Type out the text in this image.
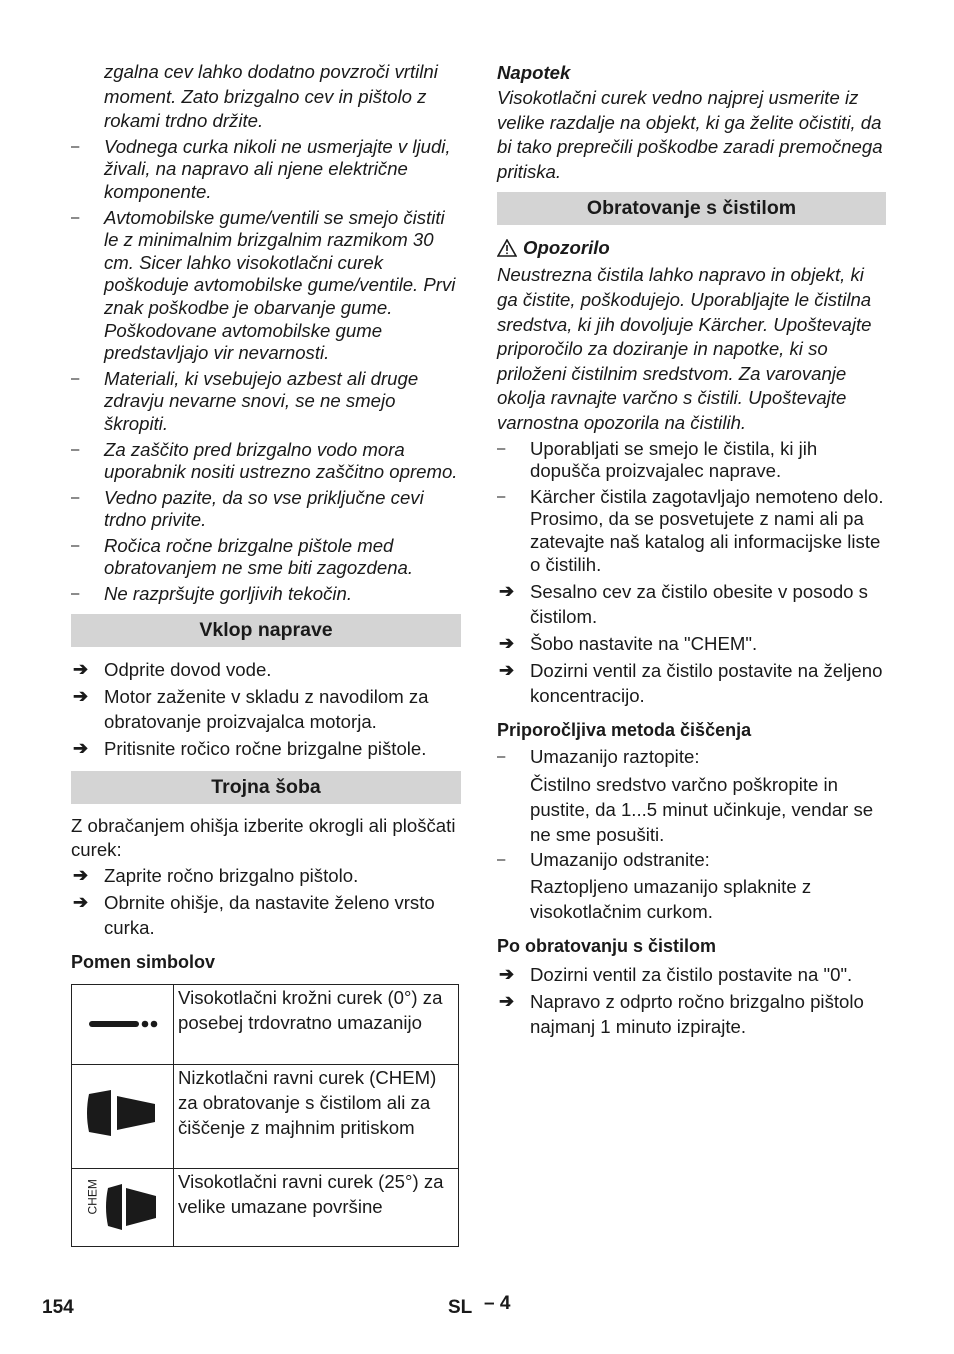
zgalna cev lahko dodatno povzroči vrtilni moment. Zato brizgalno cev in pištolo z rokami trdno držite.

– Vodnega curka nikoli ne usmerjajte v ljudi, živali, na napravo ali njene električne komponente.
– Avtomobilske gume/ventili se smejo čistiti le z minimalnim brizgalnim razmikom 30 cm. Sicer lahko visokotlačni curek poškoduje avtomobilske gume/ventile. Prvi znak poškodbe je obarvanje gume. Poškodovane avtomobilske gume predstavljajo vir nevarnosti.
– Materiali, ki vsebujejo azbest ali druge zdravju nevarne snovi, se ne smejo škropiti.
– Za zaščito pred brizgalno vodo mora uporabnik nositi ustrezno zaščitno opremo.
– Vedno pazite, da so vse priključne cevi trdno privite.
– Ročica ročne brizgalne pištole med obratovanjem ne sme biti zagozdena.
– Ne razpršujte gorljivih tekočin.
Vklop naprave
➔ Odprite dovod vode.
➔ Motor zaženite v skladu z navodilom za obratovanje proizvajalca motorja.
➔ Pritisnite ročico ročne brizgalne pištole.
Trojna šoba

Z obračanjem ohišja izberite okrogli ali ploščati curek:

➔ Zaprite ročno brizgalno pištolo.
➔ Obrnite ohišje, da nastavite želeno vrsto curka.
Pomen simbolov
	Visokotlačni krožni curek (0°) za posebej trdovratno umazanijo
	Nizkotlačni ravni curek (CHEM) za obratovanje s čistilom ali za čiščenje z majhnim pritiskom

CHEM	Visokotlačni ravni curek (25°) za velike umazane površine
Napotek

Visokotlačni curek vedno najprej usmerite iz velike razdalje na objekt, ki ga želite očistiti, da bi tako preprečili poškodbe zaradi premočnega pritiska.

Obratovanje s čistilom
Opozorilo

Neustrezna čistila lahko napravo in objekt, ki ga čistite, poškodujejo. Uporabljajte le čistilna sredstva, ki jih dovoljuje Kärcher. Upoštevajte priporočilo za doziranje in napotke, ki so priloženi čistilnim sredstvom. Za varovanje okolja ravnajte varčno s čistili. Upoštevajte varnostna opozorila na čistilih.

– Uporabljati se smejo le čistila, ki jih dopušča proizvajalec naprave.
– Kärcher čistila zagotavljajo nemoteno delo. Prosimo, da se posvetujete z nami ali pa zatevajte naš katalog ali informacijske liste o čistilih.
➔ Sesalno cev za čistilo obesite v posodo s čistilom.
➔ Šobo nastavite na "CHEM".
➔ Dozirni ventil za čistilo postavite na željeno koncentracijo.
Priporočljiva metoda čiščenja
– Umazanijo raztopite:
Čistilno sredstvo varčno poškropite in pustite, da 1...5 minut učinkuje, vendar se ne sme posušiti.
– Umazanijo odstranite:
Raztopljeno umazanijo splaknite z visokotlačnim curkom.
Po obratovanju s čistilom
➔ Dozirni ventil za čistilo postavite na "0".
➔ Napravo z odprto ročno brizgalno pištolo najmanj 1 minuto izpirajte.
154	SL – 4
